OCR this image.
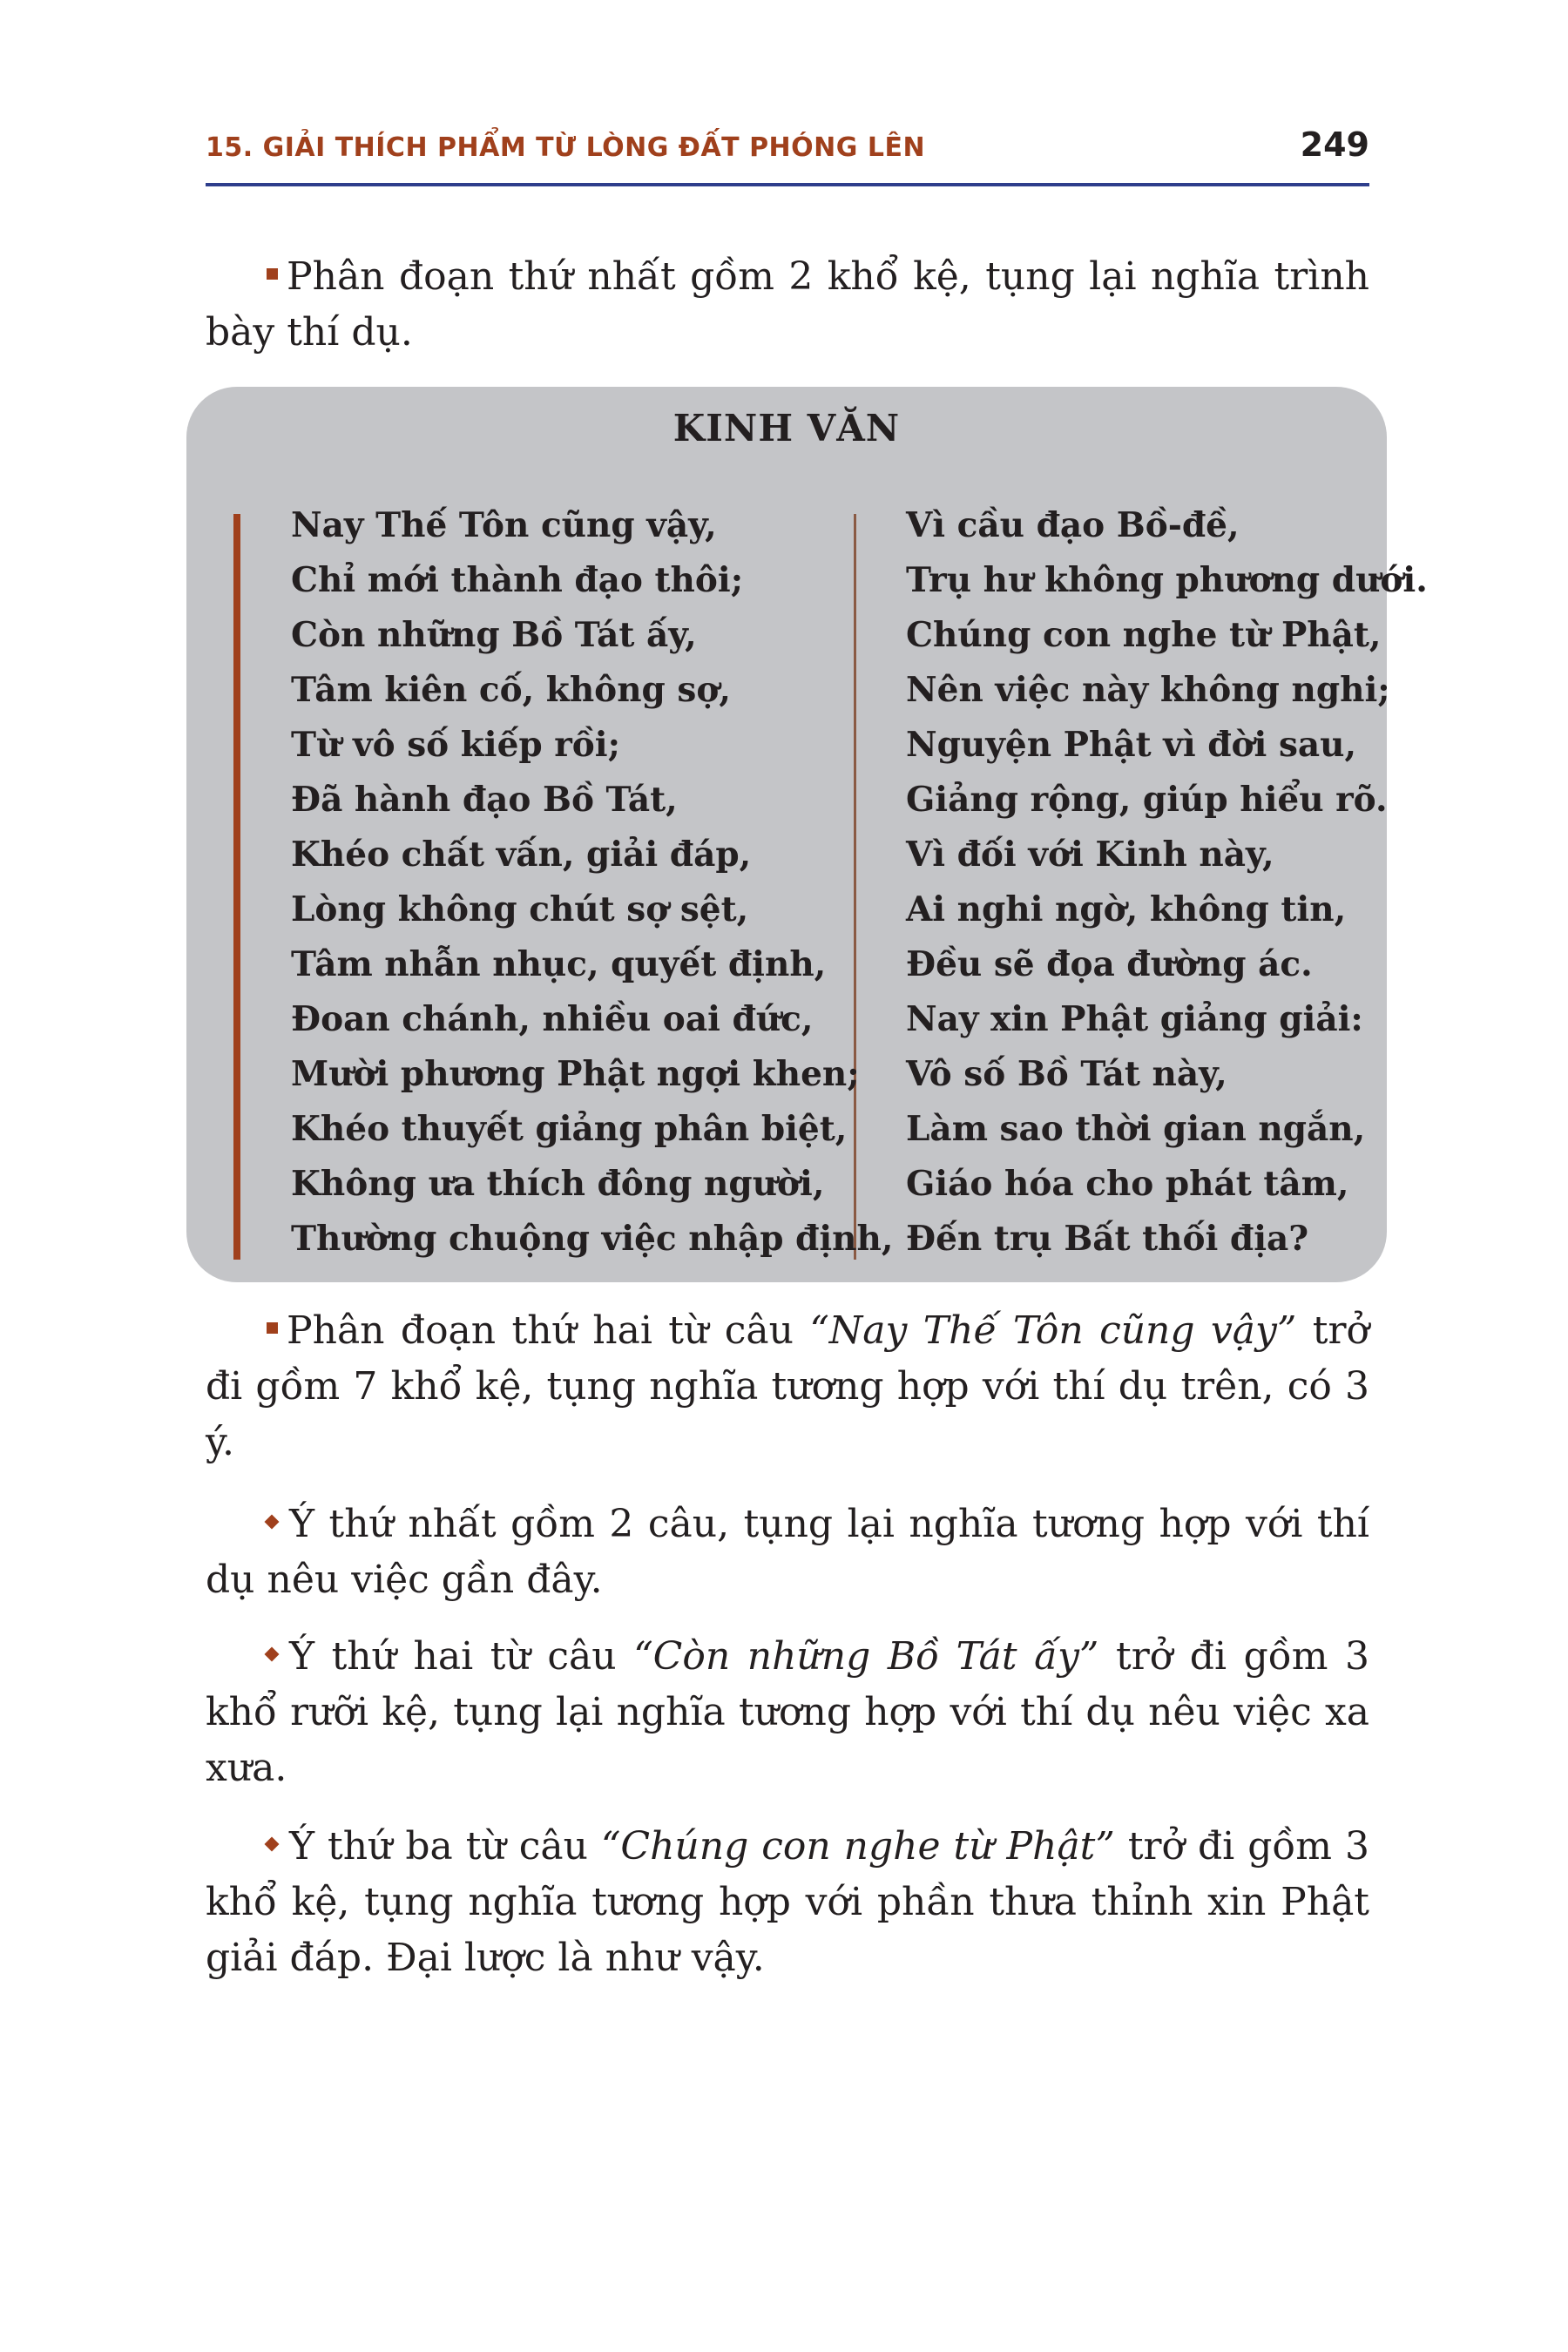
15. GIẢI THÍCH PHẨM TỪ LÒNG ĐẤT PHÓNG LÊN	249

Phân đoạn thứ nhất gồm 2 khổ kệ, tụng lại nghĩa trình bày thí dụ.

KINH VĂN
Nay Thế Tôn cũng vậy,
Chỉ mới thành đạo thôi;
Còn những Bồ Tát ấy,
Tâm kiên cố, không sợ,
Từ vô số kiếp rồi;
Đã hành đạo Bồ Tát,
Khéo chất vấn, giải đáp,
Lòng không chút sợ sệt,
Tâm nhẫn nhục, quyết định,
Đoan chánh, nhiều oai đức,
Mười phương Phật ngợi khen;
Khéo thuyết giảng phân biệt,
Không ưa thích đông người,
Thường chuộng việc nhập định,
Vì cầu đạo Bồ-đề,
Trụ hư không phương dưới.
Chúng con nghe từ Phật,
Nên việc này không nghi;
Nguyện Phật vì đời sau,
Giảng rộng, giúp hiểu rõ.
Vì đối với Kinh này,
Ai nghi ngờ, không tin,
Đều sẽ đọa đường ác.
Nay xin Phật giảng giải:
Vô số Bồ Tát này,
Làm sao thời gian ngắn,
Giáo hóa cho phát tâm,
Đến trụ Bất thối địa?

Phân đoạn thứ hai từ câu “Nay Thế Tôn cũng vậy” trở đi gồm 7 khổ kệ, tụng nghĩa tương hợp với thí dụ trên, có 3 ý.

Ý thứ nhất gồm 2 câu, tụng lại nghĩa tương hợp với thí dụ nêu việc gần đây.

Ý thứ hai từ câu “Còn những Bồ Tát ấy” trở đi gồm 3 khổ rưỡi kệ, tụng lại nghĩa tương hợp với thí dụ nêu việc xa xưa.

Ý thứ ba từ câu “Chúng con nghe từ Phật” trở đi gồm 3 khổ kệ, tụng nghĩa tương hợp với phần thưa thỉnh xin Phật giải đáp. Đại lược là như vậy.
